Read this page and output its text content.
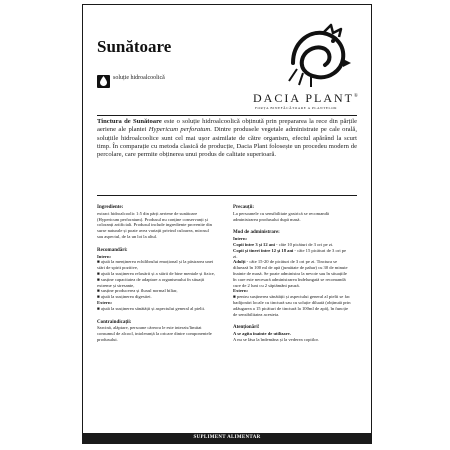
Sunătoare
soluție hidroalcoolică
DACIA PLANT®
FORȚA BINEFĂCĂTOARE A PLANTELOR
Tinctura de Sunătoare este o soluție hidroalcoolică obținută prin prepararea la rece din părțile aeriene ale plantei Hypericum perforatum. Dintre produsele vegetale administrate pe cale orală, soluțiile hidroalcoolice sunt cel mai ușor asimilate de către organism, efectul apărând la scurt timp. În comparație cu metoda clasică de producție, Dacia Plant folosește un procedeu modern de percolare, care permite obținerea unui produs de calitate superioară.

Ingrediente:

extract hidroalcoolic 1:5 din părți aeriene de sunătoare (Hypericum perforatum). Produsul nu conține conservanți și coloranți artificiali. Produsul include ingrediente provenite din surse naturale și poate avea variații privind culoarea, mirosul sau aspectul, de la un lot la altul.

Recomandări:

Intern:

■ ajută la menținerea echilibrului emoțional și la păstrarea unei stări de spirit pozitive,

■ ajută la susținerea relaxării și a stării de bine mentale și fizice,

■ susține capacitatea de adaptare a organismului în situații extreme și stresante,

■ susține producerea și fluxul normal biliar,

■ ajută la susținerea digestiei.

Extern:

■ ajută la susținerea sănătății și aspectului general al pielii.

Contraindicații:

Sarcină, alăptare, persoane căreora le este interzis/limitat consumul de alcool, intoleranță la oricare dintre componentele produsului.

Precauții:

La persoanele cu sensibilitate gastrică se recomandă administrarea produsului după masă.

Mod de administrare:

Intern:

Copii între 3 și 12 ani - câte 10 picături de 3 ori pe zi.

Copii și tineri între 12 și 18 ani - câte 15 picături de 3 ori pe zi.

Adulți - câte 15-20 de picături de 3 ori pe zi. Tinctura se diluează în 100 ml de apă (jumătate de pahar) cu 30 de minute înainte de masă. Se poate administra la nevoie sau în situațiile în care este necesară administrarea îndelungată se recomandă cure de 2 luni cu 2 săptămâni pauză.

Extern:

■ pentru susținerea sănătății și aspectului general al pielii se fac badijonări locale cu tinctură sau cu soluție diluată (obținută prin adăugarea a 15 picături de tinctură la 100ml de apă), în funcție de sensibilitatea acesteia.

Atenționări!

A se agita înainte de utilizare.

A nu se lăsa la îndemâna și la vederea copiilor.

SUPLIMENT ALIMENTAR
